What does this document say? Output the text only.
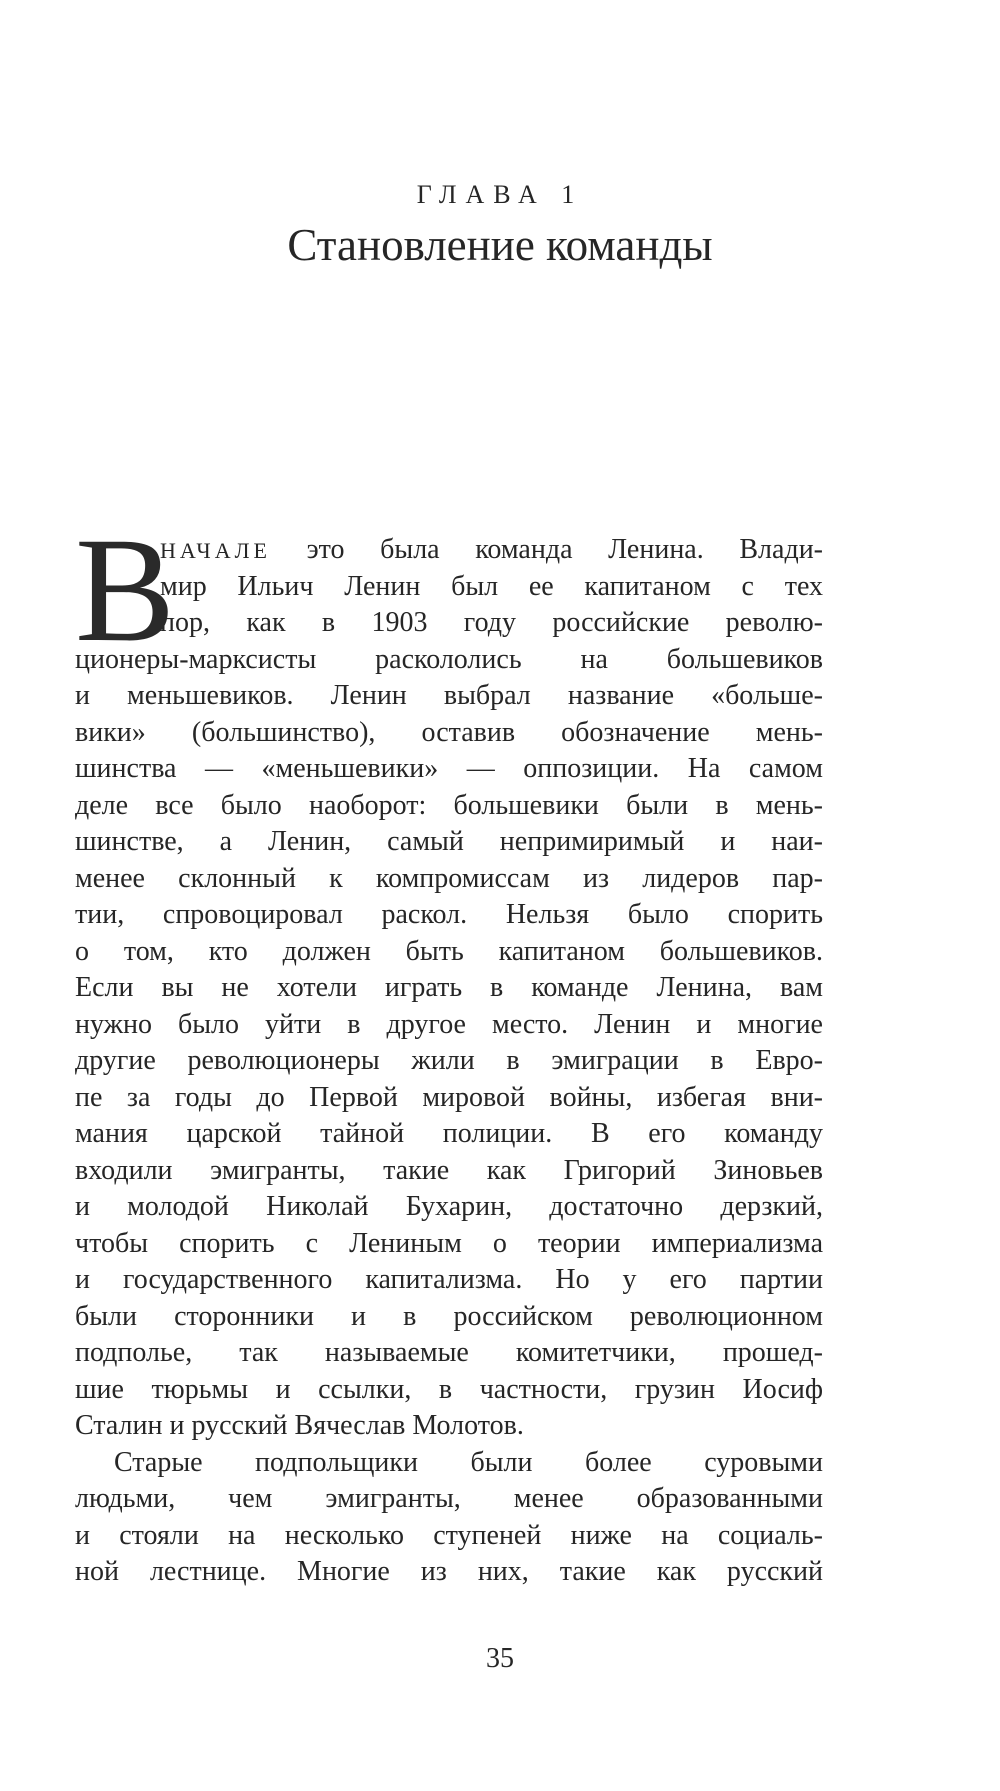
ГЛАВА 1
Становление команды
В
НАЧАЛЕ это была команда Ленина. Влади-
мир Ильич Ленин был ее капитаном с тех
пор, как в 1903 году российские револю-
ционеры-марксисты раскололись на большевиков
и меньшевиков. Ленин выбрал название «больше-
вики» (большинство), оставив обозначение мень-
шинства — «меньшевики» — оппозиции. На самом
деле все было наоборот: большевики были в мень-
шинстве, а Ленин, самый непримиримый и наи-
менее склонный к компромиссам из лидеров пар-
тии, спровоцировал раскол. Нельзя было спорить
о том, кто должен быть капитаном большевиков.
Если вы не хотели играть в команде Ленина, вам
нужно было уйти в другое место. Ленин и многие
другие революционеры жили в эмиграции в Евро-
пе за годы до Первой мировой войны, избегая вни-
мания царской тайной полиции. В его команду
входили эмигранты, такие как Григорий Зиновьев
и молодой Николай Бухарин, достаточно дерзкий,
чтобы спорить с Лениным о теории империализма
и государственного капитализма. Но у его партии
были сторонники и в российском революционном
подполье, так называемые комитетчики, прошед-
шие тюрьмы и ссылки, в частности, грузин Иосиф
Сталин и русский Вячеслав Молотов.
Старые подпольщики были более суровыми
людьми, чем эмигранты, менее образованными
и стояли на несколько ступеней ниже на социаль-
ной лестнице. Многие из них, такие как русский
35
